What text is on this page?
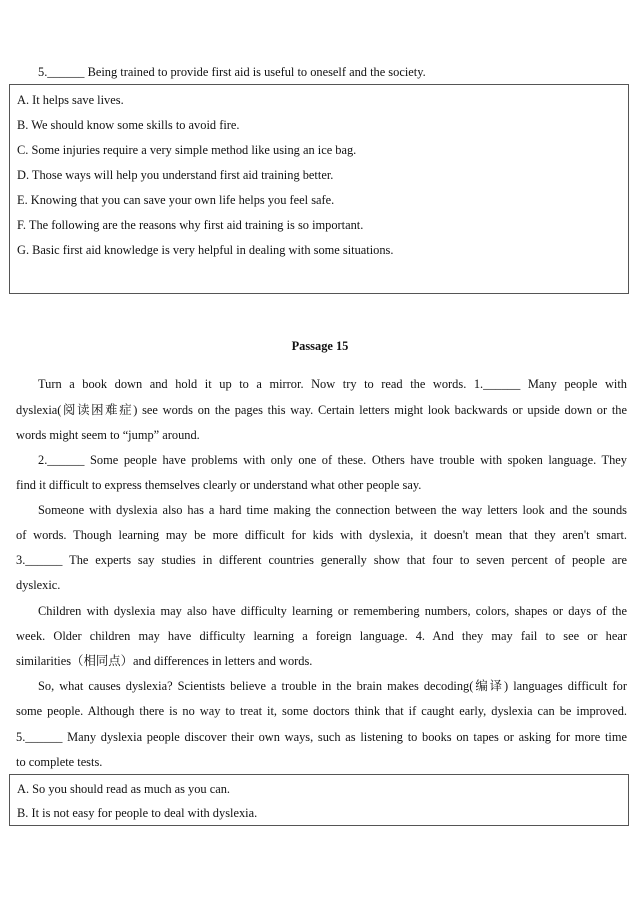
5.______ Being trained to provide first aid is useful to oneself and the society.
A. It helps save lives.
B. We should know some skills to avoid fire.
C. Some injuries require a very simple method like using an ice bag.
D. Those ways will help you understand first aid training better.
E. Knowing that you can save your own life helps you feel safe.
F. The following are the reasons why first aid training is so important.
G. Basic first aid knowledge is very helpful in dealing with some situations.
Passage 15
Turn a book down and hold it up to a mirror. Now try to read the words. 1.______ Many people with
dyslexia(阅读困难症) see words on the pages this way. Certain letters might look backwards or upside down or the
words might seem to “jump” around.
2.______ Some people have problems with only one of these. Others have trouble with spoken language. They
find it difficult to express themselves clearly or understand what other people say.
Someone with dyslexia also has a hard time making the connection between the way letters look and the sounds
of words. Though learning may be more difficult for kids with dyslexia, it doesn't mean that they aren't smart.
3.______ The experts say studies in different countries generally show that four to seven percent of people are
dyslexic.
Children with dyslexia may also have difficulty learning or remembering numbers, colors, shapes or days of the
week. Older children may have difficulty learning a foreign language. 4. And they may fail to see or hear
similarities（相同点）and differences in letters and words.
So, what causes dyslexia? Scientists believe a trouble in the brain makes decoding(编译) languages difficult for
some people. Although there is no way to treat it, some doctors think that if caught early, dyslexia can be improved.
5.______ Many dyslexia people discover their own ways, such as listening to books on tapes or asking for more time
to complete tests.
A. So you should read as much as you can.
B. It is not easy for people to deal with dyslexia.
